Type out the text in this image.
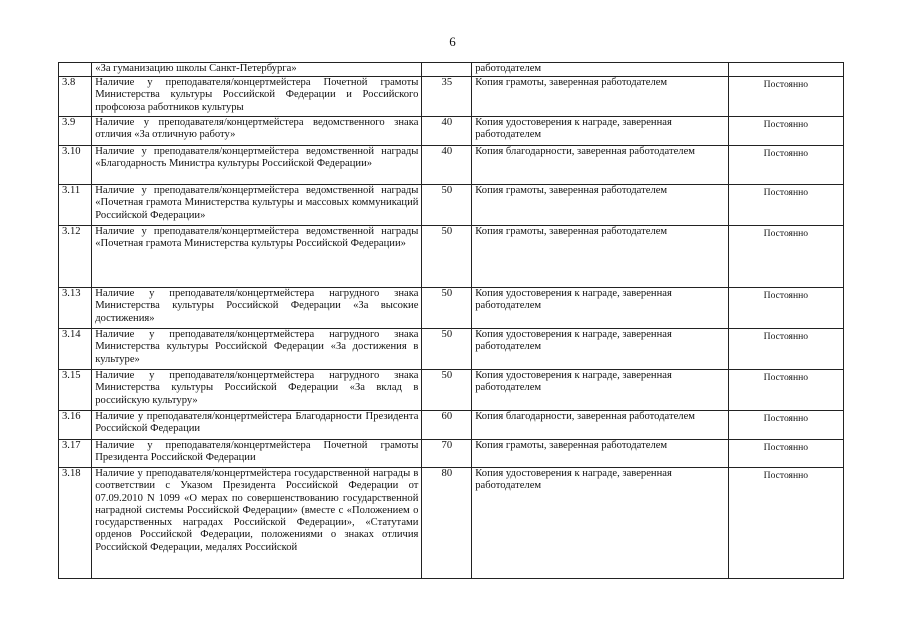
6

	«За гуманизацию школы Санкт-Петербурга»		работодателем	

3.8	Наличие у преподавателя/концертмейстера Почетной грамоты Министерства культуры Российской Федерации и Российского профсоюза работников культуры	35	Копия грамоты, заверенная работодателем	Постоянно

3.9	Наличие у преподавателя/концертмейстера ведомственного знака отличия «За отличную работу»	40	Копия удостоверения к награде, заверенная работодателем	Постоянно

3.10	Наличие у преподавателя/концертмейстера ведомственной награды «Благодарность Министра культуры Российской Федерации»	40	Копия благодарности, заверенная работодателем	Постоянно

3.11	Наличие у преподавателя/концертмейстера ведомственной награды «Почетная грамота Министерства культуры и массовых коммуникаций Российской Федерации»	50	Копия грамоты, заверенная работодателем	Постоянно

3.12	Наличие у преподавателя/концертмейстера ведомственной награды «Почетная грамота Министерства культуры Российской Федерации»	50	Копия грамоты, заверенная работодателем	Постоянно

3.13	Наличие у преподавателя/концертмейстера нагрудного знака Министерства культуры Российской Федерации «За высокие достижения»	50	Копия удостоверения к награде, заверенная работодателем	Постоянно

3.14	Наличие у преподавателя/концертмейстера нагрудного знака Министерства культуры Российской Федерации «За достижения в культуре»	50	Копия удостоверения к награде, заверенная работодателем	Постоянно

3.15	Наличие у преподавателя/концертмейстера нагрудного знака Министерства культуры Российской Федерации «За вклад в российскую культуру»	50	Копия удостоверения к награде, заверенная работодателем	Постоянно

3.16	Наличие у преподавателя/концертмейстера Благодарности Президента Российской Федерации	60	Копия благодарности, заверенная работодателем	Постоянно

3.17	Наличие у преподавателя/концертмейстера Почетной грамоты Президента Российской Федерации	70	Копия грамоты, заверенная работодателем	Постоянно

3.18	Наличие у преподавателя/концертмейстера государственной награды в соответствии с Указом Президента Российской Федерации от 07.09.2010 N 1099 «О мерах по совершенствованию государственной наградной системы Российской Федерации» (вместе с «Положением о государственных наградах Российской Федерации», «Статутами орденов Российской Федерации, положениями о знаках отличия Российской Федерации, медалях Российской	80	Копия удостоверения к награде, заверенная работодателем	Постоянно
